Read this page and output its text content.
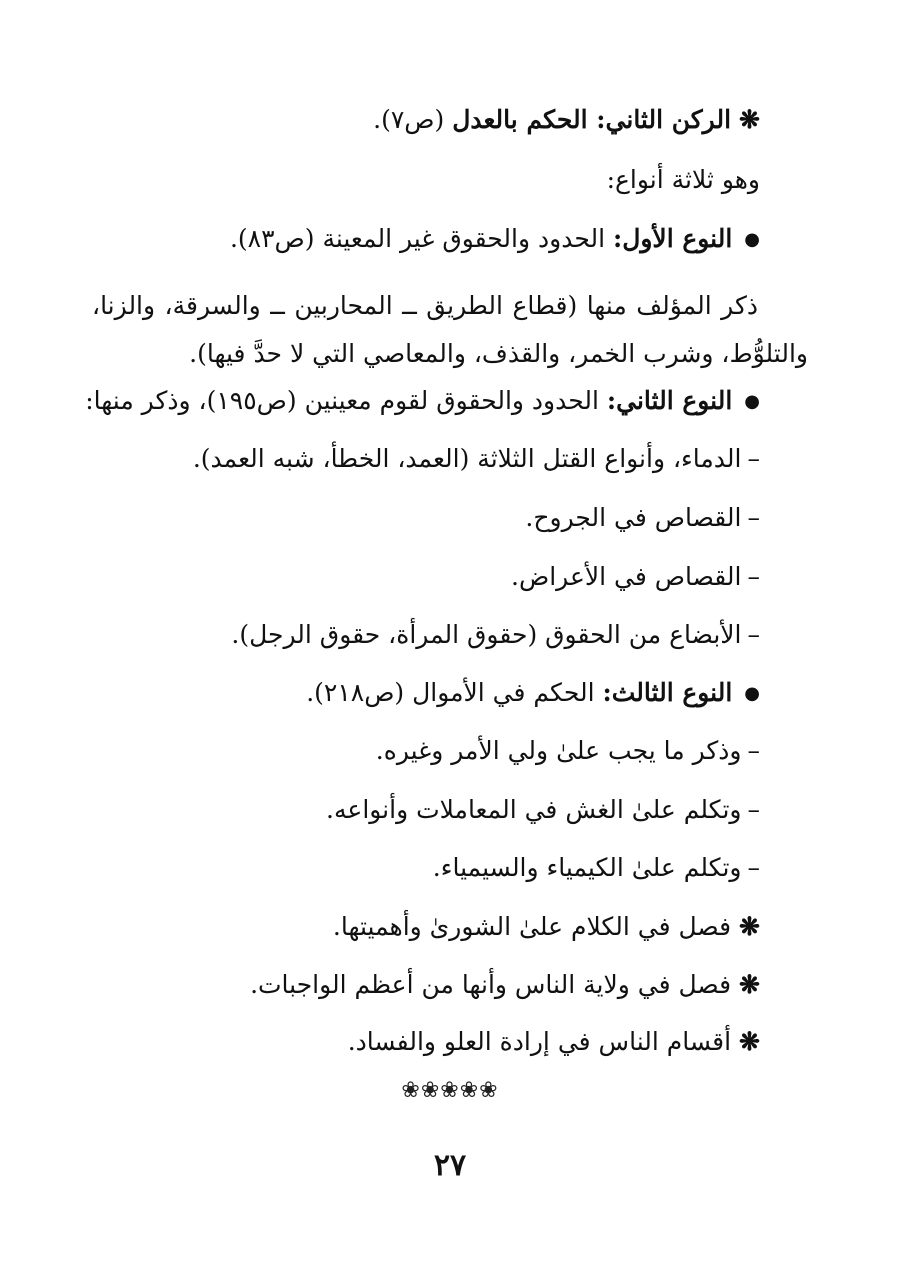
❋الركن الثاني: الحكم بالعدل (ص٧).
وهو ثلاثة أنواع:
●النوع الأول: الحدود والحقوق غير المعينة (ص٨٣).
ذكر المؤلف منها (قطاع الطريق ــ المحاربين ــ والسرقة، والزنا، والتلوُّط، وشرب الخمر، والقذف، والمعاصي التي لا حدَّ فيها).
●النوع الثاني: الحدود والحقوق لقوم معينين (ص١٩٥)، وذكر منها:
–الدماء، وأنواع القتل الثلاثة (العمد، الخطأ، شبه العمد).
–القصاص في الجروح.
–القصاص في الأعراض.
–الأبضاع من الحقوق (حقوق المرأة، حقوق الرجل).
●النوع الثالث: الحكم في الأموال (ص٢١٨).
–وذكر ما يجب علىٰ ولي الأمر وغيره.
–وتكلم علىٰ الغش في المعاملات وأنواعه.
–وتكلم علىٰ الكيمياء والسيمياء.
❋فصل في الكلام علىٰ الشورىٰ وأهميتها.
❋فصل في ولاية الناس وأنها من أعظم الواجبات.
❋أقسام الناس في إرادة العلو والفساد.
❀❀❀❀❀
٢٧
